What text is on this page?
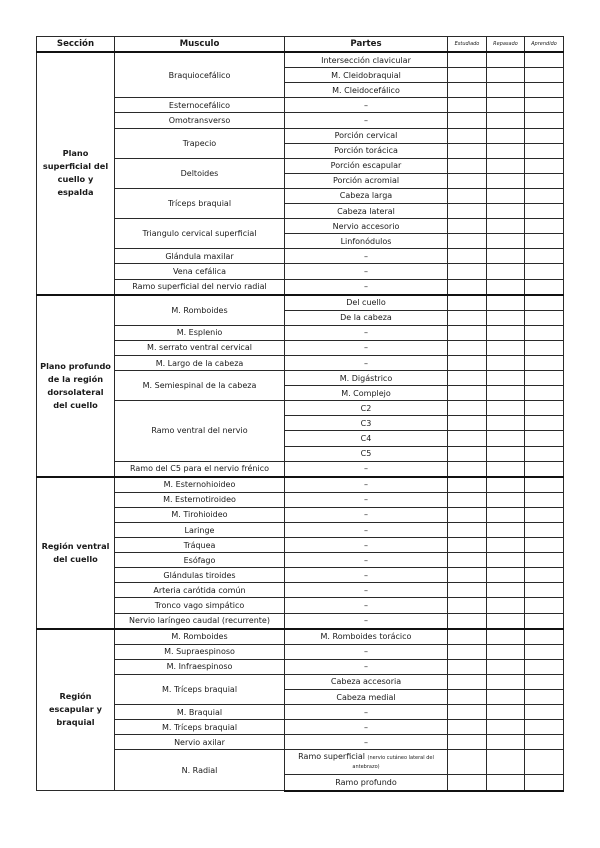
Sección	Musculo	Partes	Estudiado	Repasado	Aprendido
Plano superficial del cuello y espalda	Braquiocefálico	Intersección clavicular			
		M. Cleidobraquial			
		M. Cleidocefálico			
	Esternocefálico	–			
	Omotransverso	–			
	Trapecio	Porción cervical			
		Porción torácica			
	Deltoides	Porción escapular			
		Porción acromial			
	Tríceps braquial	Cabeza larga			
		Cabeza lateral			
	Triangulo cervical superficial	Nervio accesorio			
		Linfonódulos			
	Glándula maxilar	–			
	Vena cefálica	–			
	Ramo superficial del nervio radial	–			
Plano profundo de la región dorsolateral del cuello	M. Romboides	Del cuello			
		De la cabeza			
	M. Esplenio	–			
	M. serrato ventral cervical	–			
	M. Largo de la cabeza	–			
	M. Semiespinal de la cabeza	M. Digástrico			
		M. Complejo			
	Ramo ventral del nervio	C2			
		C3			
		C4			
		C5			
	Ramo del C5 para el nervio frénico	–			
Región ventral del cuello	M. Esternohioideo	–			
	M. Esternotiroideo	–			
	M. Tirohioideo	–			
	Laringe	–			
	Tráquea	–			
	Esófago	–			
	Glándulas tiroides	–			
	Arteria carótida común	–			
	Tronco vago simpático	–			
	Nervio laríngeo caudal (recurrente)	–			
Región escapular y braquial	M. Romboides	M. Romboides torácico			
	M. Supraespinoso	–			
	M. Infraespinoso	–			
	M. Tríceps braquial	Cabeza accesoria			
		Cabeza medial			
	M. Braquial	–			
	M. Tríceps braquial	–			
	Nervio axilar	–			
	N. Radial	Ramo superficial (nervio cutáneo lateral del antebrazo)			
		Ramo profundo			
